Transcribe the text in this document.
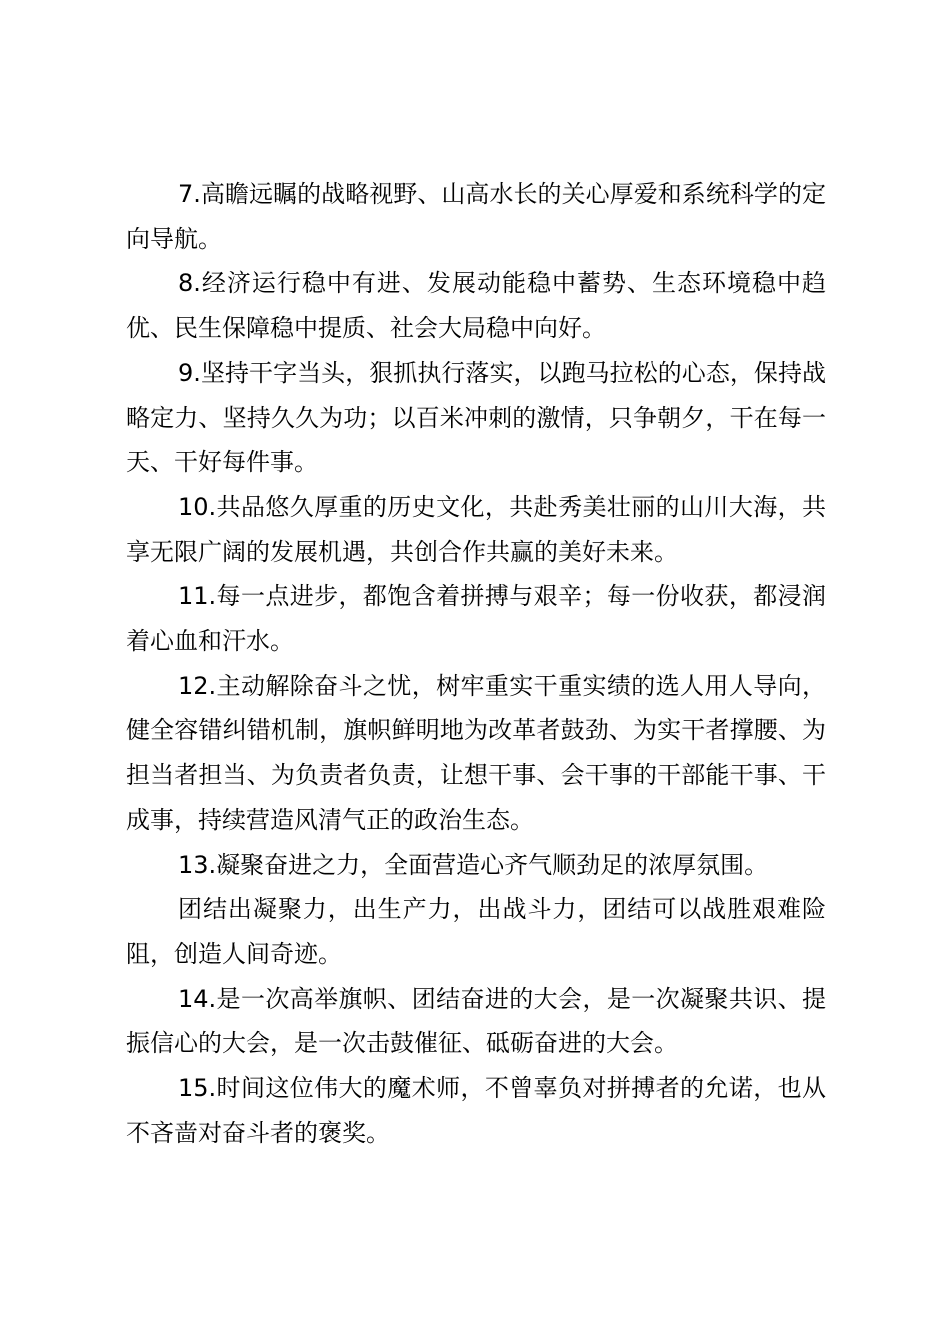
7.高瞻远瞩的战略视野、山高水长的关心厚爱和系统科学的定向导航。

8.经济运行稳中有进、发展动能稳中蓄势、生态环境稳中趋优、民生保障稳中提质、社会大局稳中向好。

9.坚持干字当头，狠抓执行落实，以跑马拉松的心态，保持战略定力、坚持久久为功；以百米冲刺的激情，只争朝夕，干在每一天、干好每件事。

10.共品悠久厚重的历史文化，共赴秀美壮丽的山川大海，共享无限广阔的发展机遇，共创合作共赢的美好未来。

11.每一点进步，都饱含着拼搏与艰辛；每一份收获，都浸润着心血和汗水。

12.主动解除奋斗之忧，树牢重实干重实绩的选人用人导向，健全容错纠错机制，旗帜鲜明地为改革者鼓劲、为实干者撑腰、为担当者担当、为负责者负责，让想干事、会干事的干部能干事、干成事，持续营造风清气正的政治生态。

13.凝聚奋进之力，全面营造心齐气顺劲足的浓厚氛围。

团结出凝聚力，出生产力，出战斗力，团结可以战胜艰难险阻，创造人间奇迹。

14.是一次高举旗帜、团结奋进的大会，是一次凝聚共识、提振信心的大会，是一次击鼓催征、砥砺奋进的大会。

15.时间这位伟大的魔术师，不曾辜负对拼搏者的允诺，也从不吝啬对奋斗者的褒奖。
